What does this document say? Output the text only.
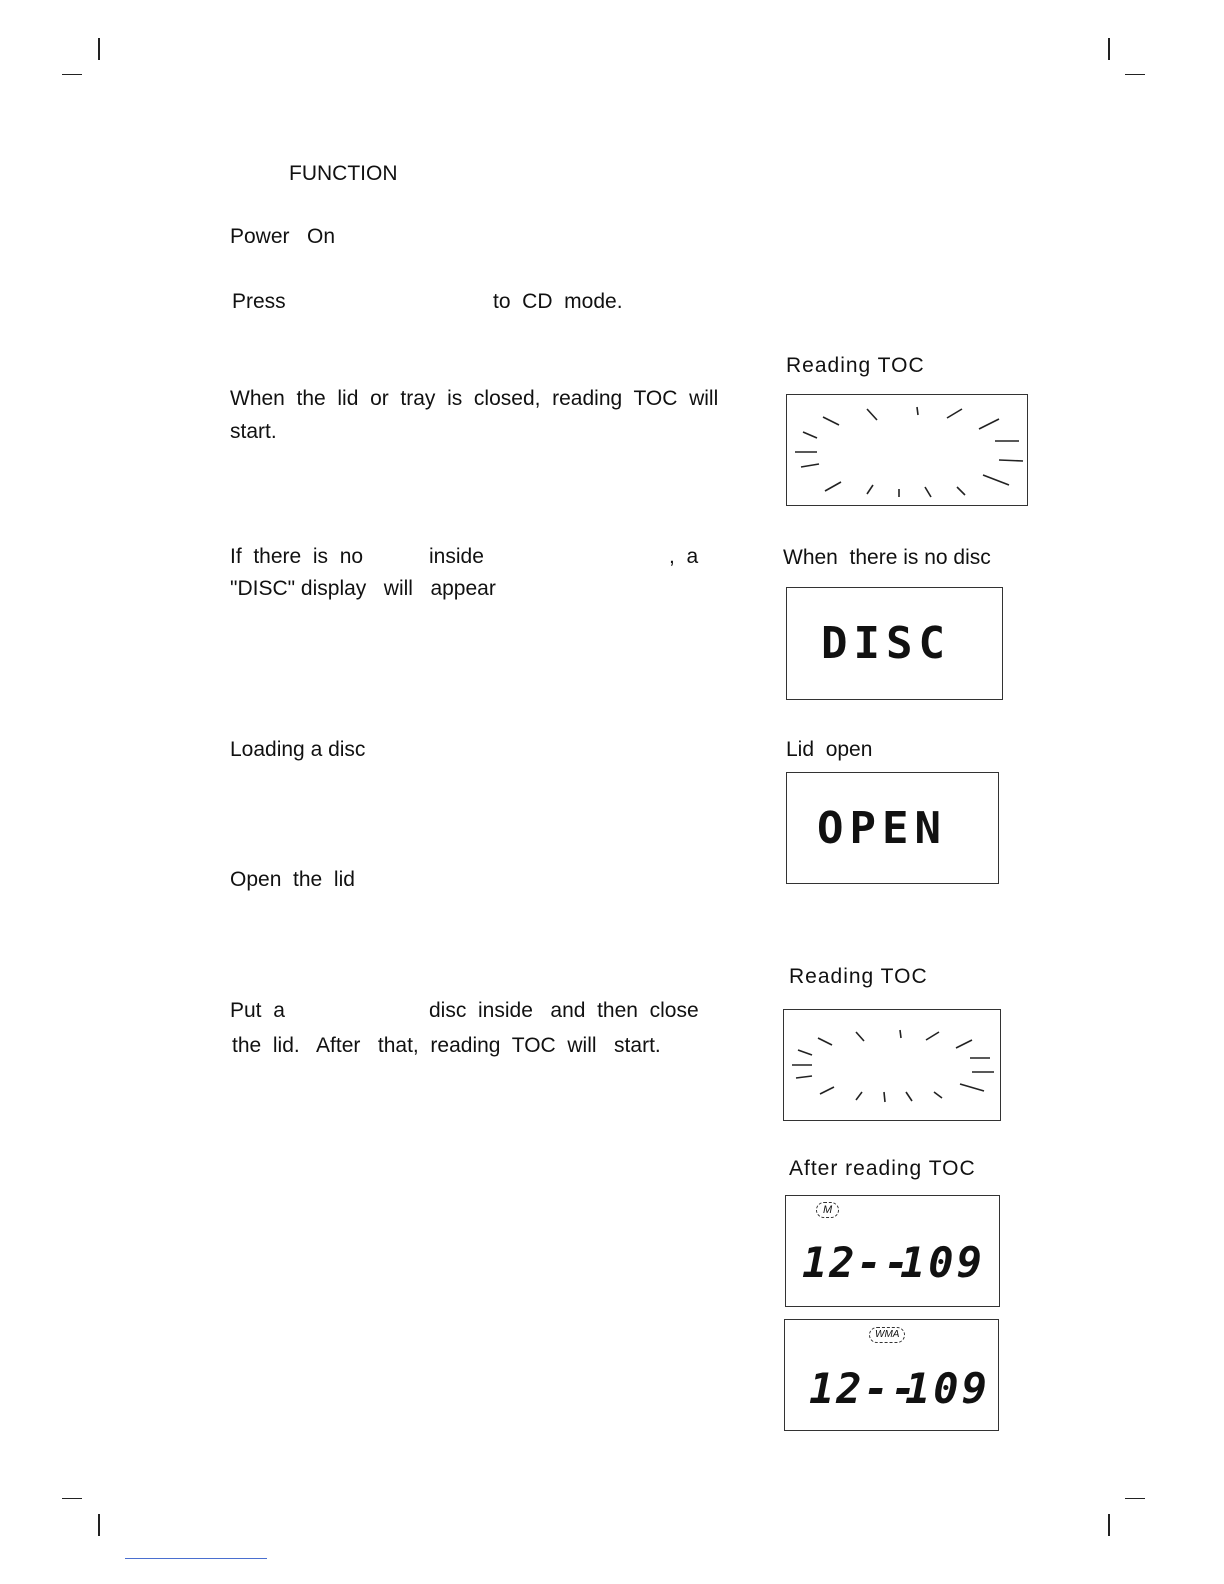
FUNCTION
Power   On
Press	to  CD  mode.
When  the  lid  or  tray  is  closed,  reading  TOC  will
start.
If  there  is  no	inside	,  a
"DISC" display   will   appear
Loading a disc
Open  the  lid
Put  a	disc  inside   and  then  close
the  lid.   After   that,  reading  TOC  will   start.
Reading TOC
When  there is no disc
DISC
Lid  open
OPEN
Reading TOC
After reading TOC
M
12--
109
WMA
12--
109
